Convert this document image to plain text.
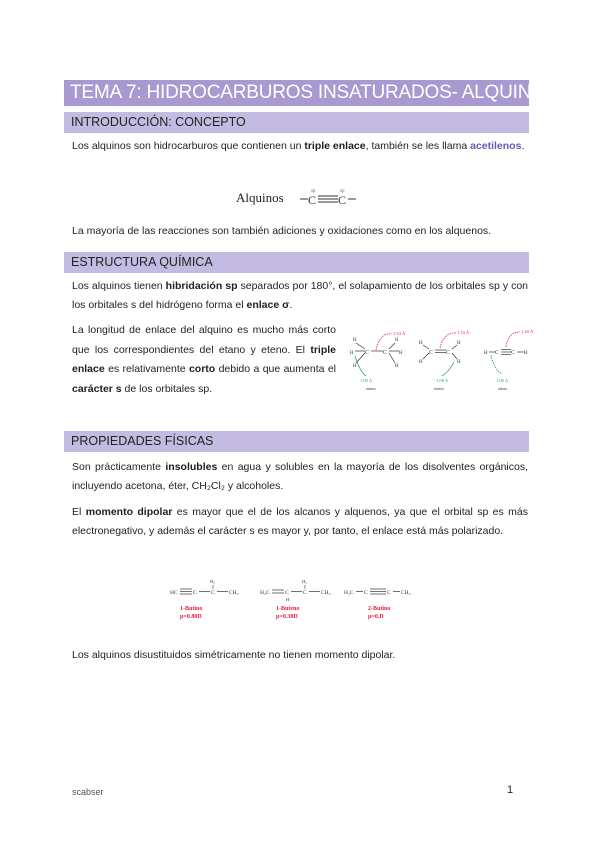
TEMA 7: HIDROCARBUROS INSATURADOS- ALQUINOS
INTRODUCCIÓN: CONCEPTO

Los alquinos son hidrocarburos que contienen un triple enlace, también se les llama acetilenos.

Alquinos C C
sp	sp

La mayoría de las reacciones son también adiciones y oxidaciones como en los alquenos.

ESTRUCTURA QUÍMICA

Los alquinos tienen hibridación sp separados por 180°, el solapamiento de los orbitales sp y con los orbitales s del hidrógeno forma el enlace σ.

La longitud de enlace del alquino es mucho más corto que los correspondientes del etano y eteno. El triple enlace es relativamente corto debido a que aumenta el carácter s de los orbitales sp.

H
H
H
C C
H
H
H
1.54 Å
1.09 Å
etano
H
H
C C
H
H
1.33 Å
1.08 Å
eteno
H C C H
1.20 Å
1.06 Å
etino
PROPIEDADES FÍSICAS

Son prácticamente insolubles en agua y solubles en la mayoría de los disolventes orgánicos, incluyendo acetona, éter, CH₂Cl₂ y alcoholes.

El momento dipolar es mayor que el de los alcanos y alquenos, ya que el orbital sp es más electronegativo, y además el carácter s es mayor y, por tanto, el enlace está más polarizado.

HC	C	C
H₂
CH₃
1-Butino
μ=0.80D
H₂C	C
H
C
H₂
CH₃
1-Buteno
μ=0.30D
H₃C C	C CH₃
2-Butino
μ=0.D

Los alquinos disustituidos simétricamente no tienen momento dipolar.

scabser	1
